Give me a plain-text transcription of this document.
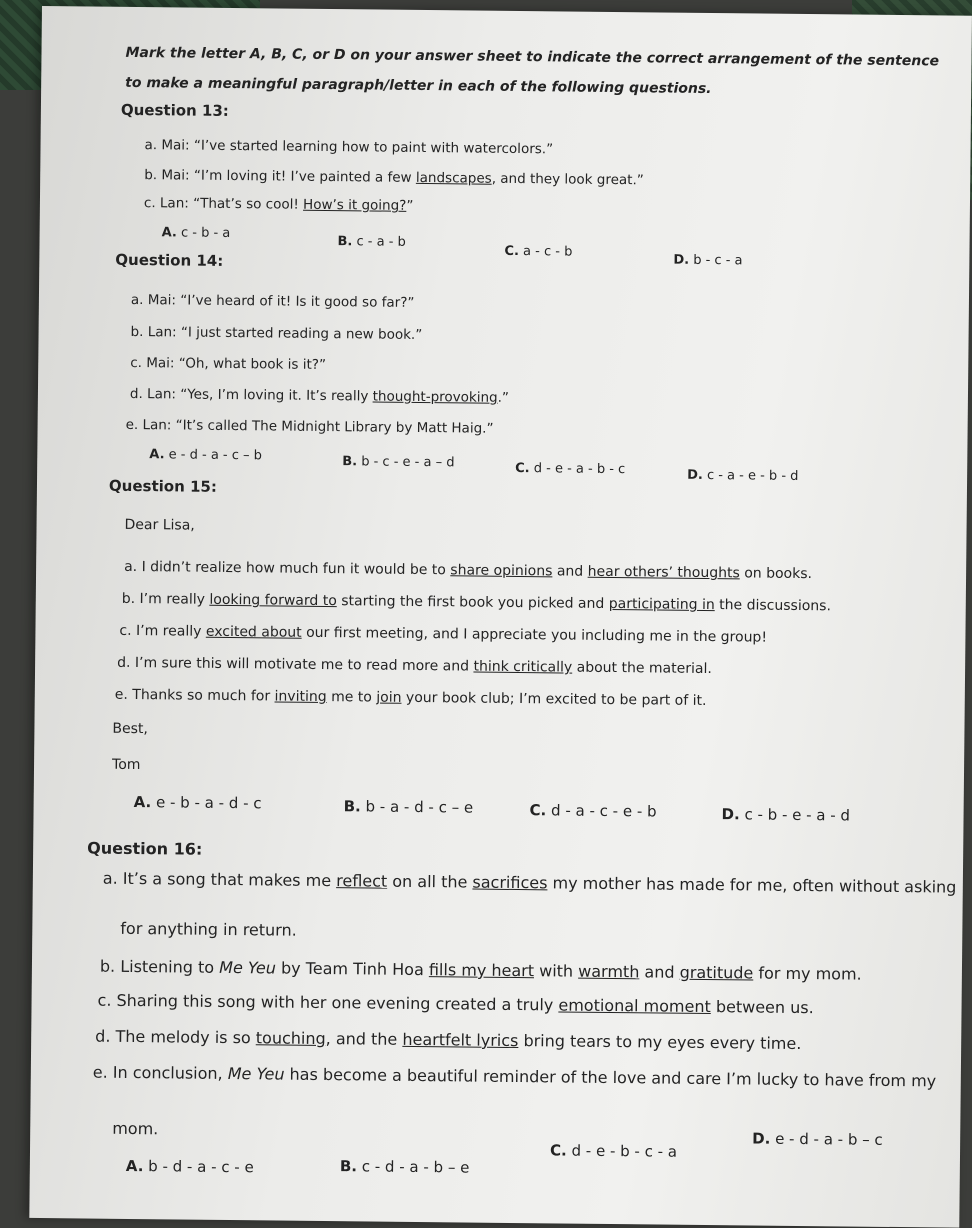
Mark the letter A, B, C, or D on your answer sheet to indicate the correct arrangement of the sentence
to make a meaningful paragraph/letter in each of the following questions.
Question 13:
a. Mai: “I’ve started learning how to paint with watercolors.”
b. Mai: “I’m loving it! I’ve painted a few landscapes, and they look great.”
c. Lan: “That’s so cool! How’s it going?”
A. c - b - a
B. c - a - b
C. a - c - b
D. b - c - a
Question 14:
a. Mai: “I’ve heard of it! Is it good so far?”
b. Lan: “I just started reading a new book.”
c. Mai: “Oh, what book is it?”
d. Lan: “Yes, I’m loving it. It’s really thought-provoking.”
e. Lan: “It’s called The Midnight Library by Matt Haig.”
A. e - d - a - c – b	B. b - c - e - a – d	C. d - e - a - b - c	D. c - a - e - b - d
Question 15:
Dear Lisa,
a. I didn’t realize how much fun it would be to share opinions and hear others’ thoughts on books.
b. I’m really looking forward to starting the first book you picked and participating in the discussions.
c. I’m really excited about our first meeting, and I appreciate you including me in the group!
d. I’m sure this will motivate me to read more and think critically about the material.
e. Thanks so much for inviting me to join your book club; I’m excited to be part of it.
Best,
Tom
A. e - b - a - d - c	B. b - a - d - c – e	C. d - a - c - e - b	D. c - b - e - a - d
Question 16:
a. It’s a song that makes me reflect on all the sacrifices my mother has made for me, often without asking
for anything in return.
b. Listening to Me Yeu by Team Tinh Hoa fills my heart with warmth and gratitude for my mom.
c. Sharing this song with her one evening created a truly emotional moment between us.
d. The melody is so touching, and the heartfelt lyrics bring tears to my eyes every time.
e. In conclusion, Me Yeu has become a beautiful reminder of the love and care I’m lucky to have from my
mom.
A. b - d - a - c - e	B. c - d - a - b – e
C. d - e - b - c - a
D. e - d - a - b – c
